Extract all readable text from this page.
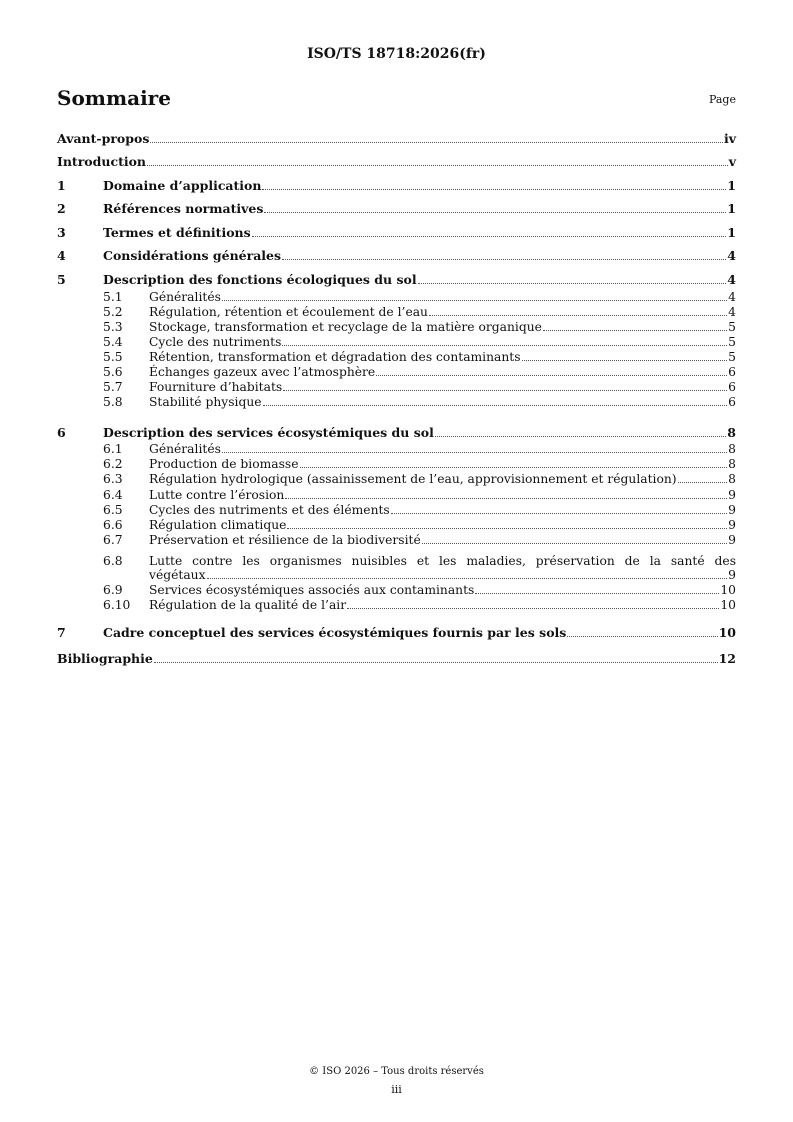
ISO/TS 18718:2026(fr)
Sommaire	Page
Avant-propos	iv
Introduction	v
1	Domaine d’application	1
2	Références normatives	1
3	Termes et définitions	1
4	Considérations générales	4
5	Description des fonctions écologiques du sol	4
5.1	Généralités	4
5.2	Régulation, rétention et écoulement de l’eau	4
5.3	Stockage, transformation et recyclage de la matière organique	5
5.4	Cycle des nutriments	5
5.5	Rétention, transformation et dégradation des contaminants	5
5.6	Échanges gazeux avec l’atmosphère	6
5.7	Fourniture d’habitats	6
5.8	Stabilité physique	6
6	Description des services écosystémiques du sol	8
6.1	Généralités	8
6.2	Production de biomasse	8
6.3	Régulation hydrologique (assainissement de l’eau, approvisionnement et régulation)	8
6.4	Lutte contre l’érosion	9
6.5	Cycles des nutriments et des éléments	9
6.6	Régulation climatique	9
6.7	Préservation et résilience de la biodiversité	9
6.8	Lutte contre les organismes nuisibles et les maladies, préservation de la santé des
végétaux	9
6.9	Services écosystémiques associés aux contaminants	10
6.10	Régulation de la qualité de l’air	10
7	Cadre conceptuel des services écosystémiques fournis par les sols	10
Bibliographie	12
© ISO 2026 – Tous droits réservés
iii
